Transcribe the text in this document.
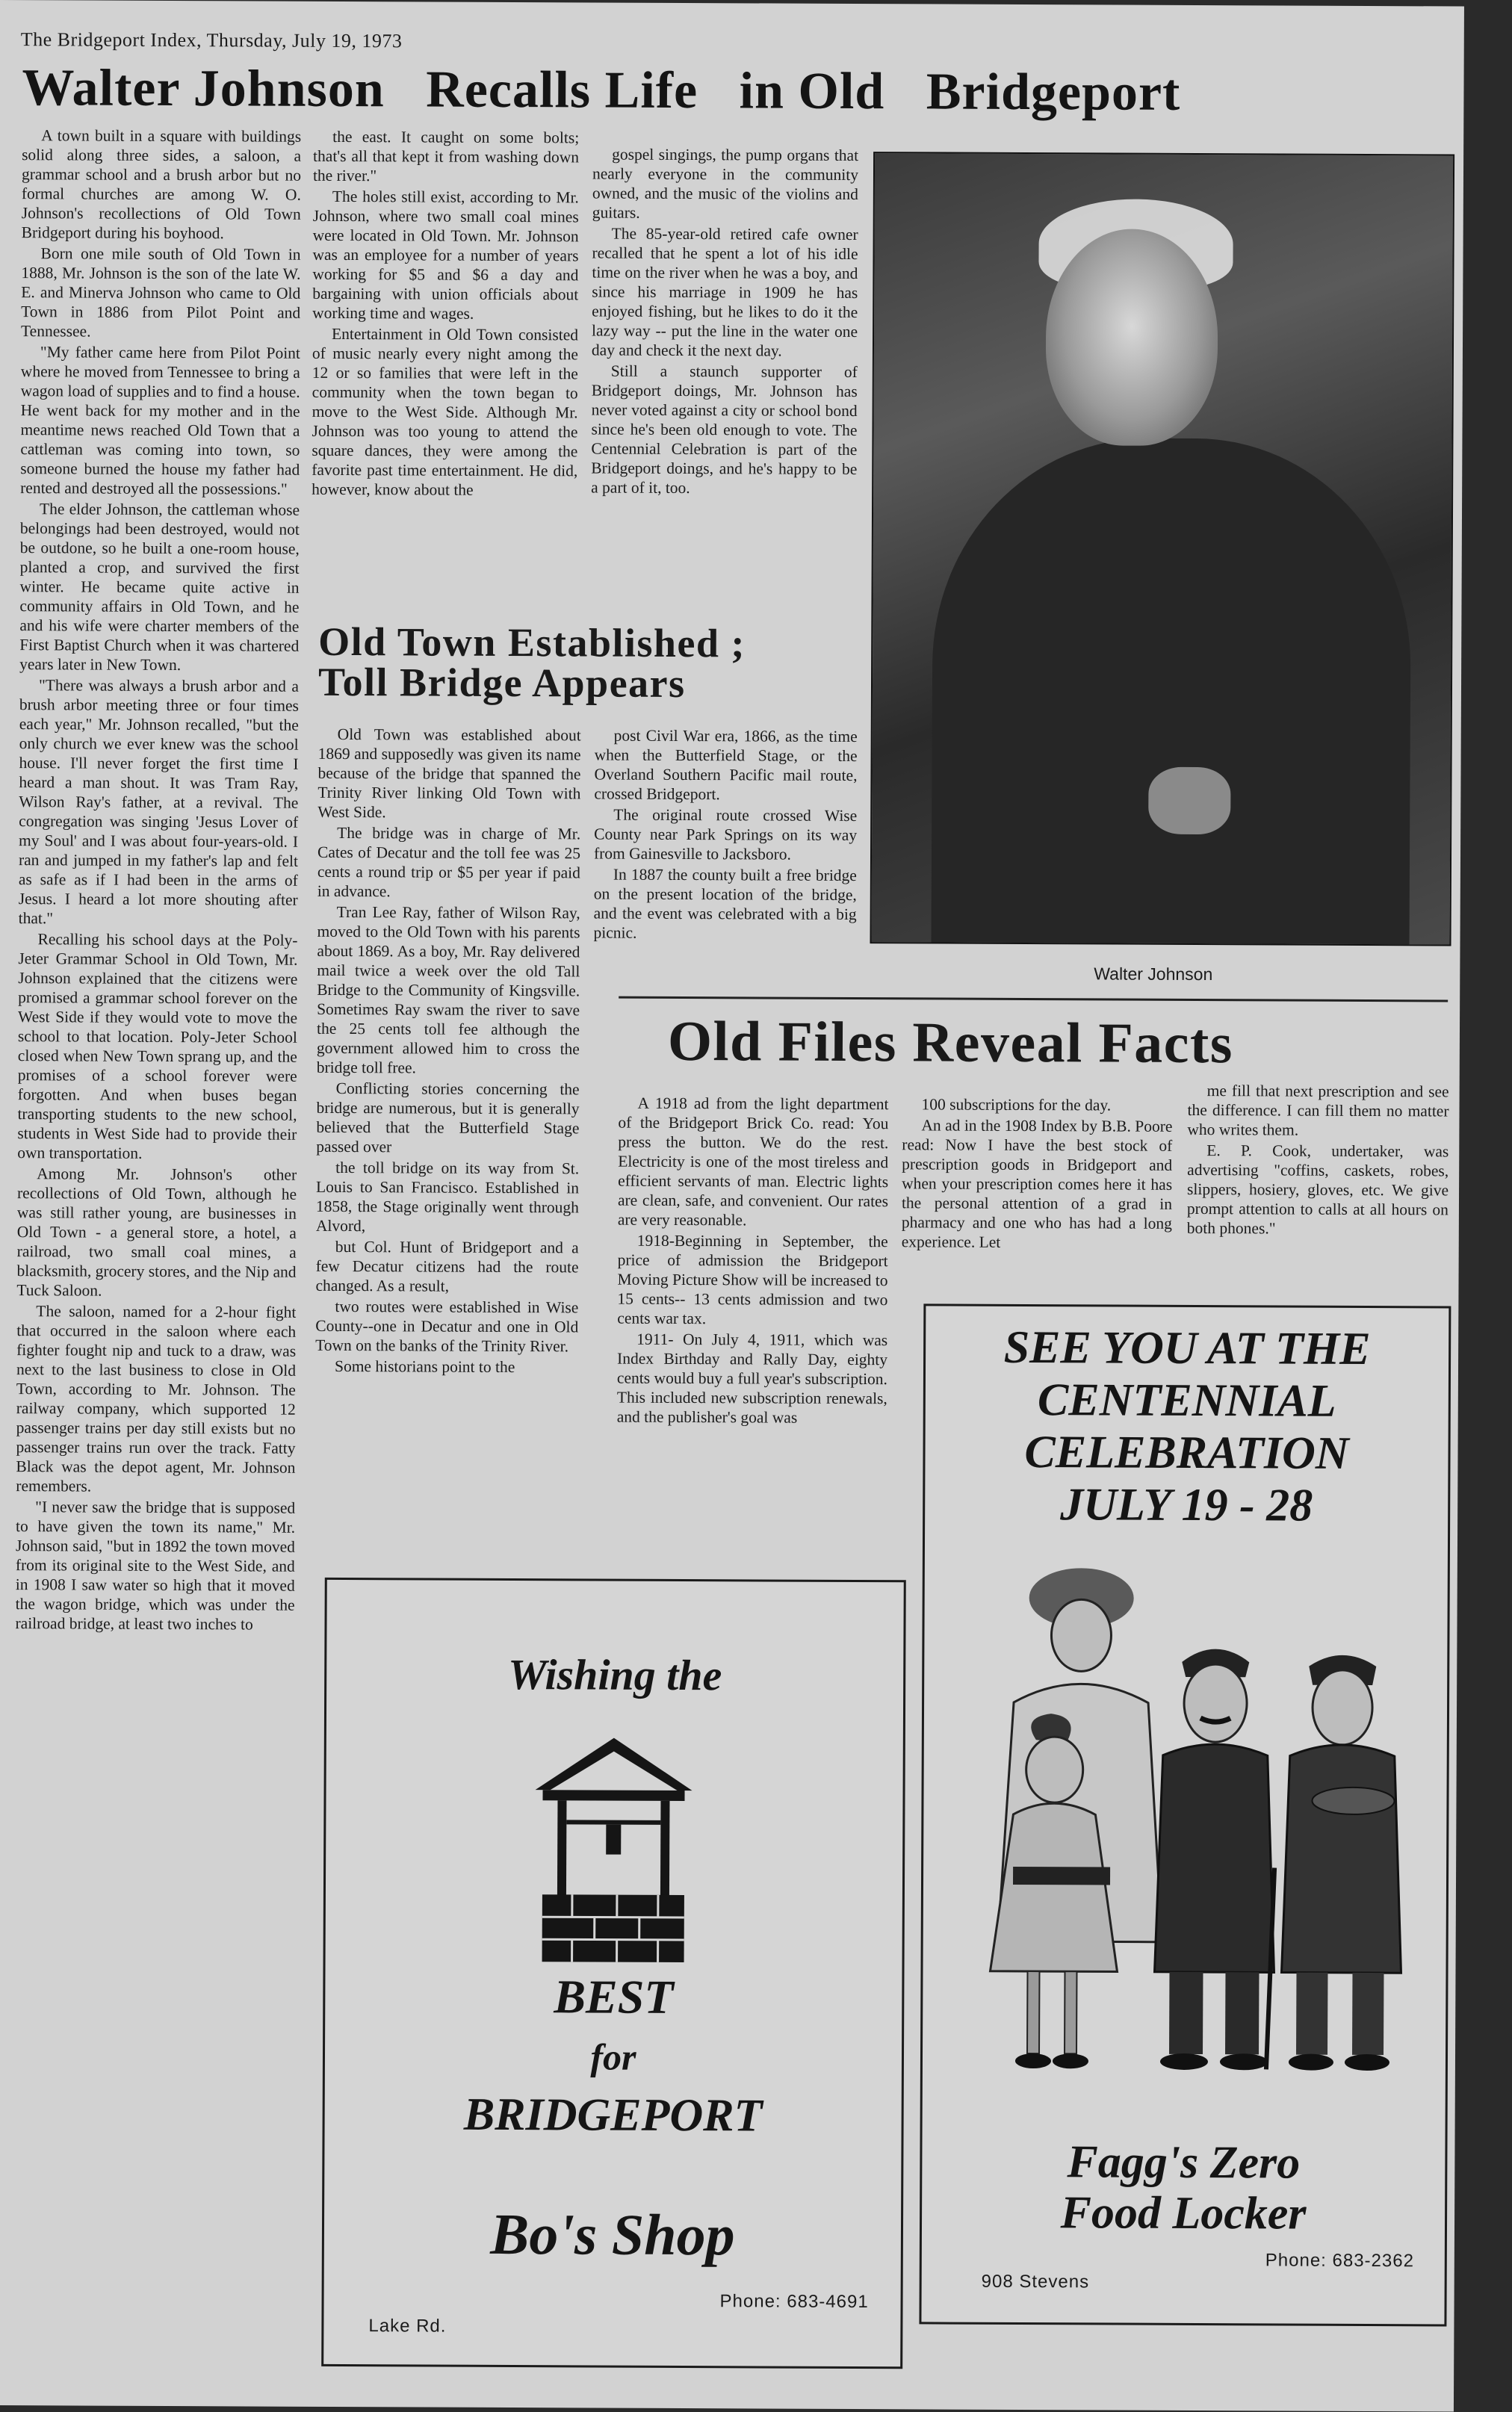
The Bridgeport Index, Thursday, July 19, 1973
Walter Johnson   Recalls Life   in Old   Bridgeport

A town built in a square with buildings solid along three sides, a saloon, a grammar school and a brush arbor but no formal churches are among W. O. Johnson's recollections of Old Town Bridgeport during his boyhood.

Born one mile south of Old Town in 1888, Mr. Johnson is the son of the late W. E. and Minerva Johnson who came to Old Town in 1886 from Pilot Point and Tennessee.

"My father came here from Pilot Point where he moved from Tennessee to bring a wagon load of supplies and to find a house. He went back for my mother and in the meantime news reached Old Town that a cattleman was coming into town, so someone burned the house my father had rented and destroyed all the possessions."

The elder Johnson, the cattleman whose belongings had been destroyed, would not be outdone, so he built a one-room house, planted a crop, and survived the first winter. He became quite active in community affairs in Old Town, and he and his wife were charter members of the First Baptist Church when it was chartered years later in New Town.

"There was always a brush arbor and a brush arbor meeting three or four times each year," Mr. Johnson recalled, "but the only church we ever knew was the school house. I'll never forget the first time I heard a man shout. It was Tram Ray, Wilson Ray's father, at a revival. The congregation was singing 'Jesus Lover of my Soul' and I was about four-years-old. I ran and jumped in my father's lap and felt as safe as if I had been in the arms of Jesus. I heard a lot more shouting after that."

Recalling his school days at the Poly-Jeter Grammar School in Old Town, Mr. Johnson explained that the citizens were promised a grammar school forever on the West Side if they would vote to move the school to that location. Poly-Jeter School closed when New Town sprang up, and the promises of a school forever were forgotten. And when buses began transporting students to the new school, students in West Side had to provide their own transportation.

Among Mr. Johnson's other recollections of Old Town, although he was still rather young, are businesses in Old Town - a general store, a hotel, a railroad, two small coal mines, a blacksmith, grocery stores, and the Nip and Tuck Saloon.

The saloon, named for a 2-hour fight that occurred in the saloon where each fighter fought nip and tuck to a draw, was next to the last business to close in Old Town, according to Mr. Johnson. The railway company, which supported 12 passenger trains per day still exists but no passenger trains run over the track. Fatty Black was the depot agent, Mr. Johnson remembers.

"I never saw the bridge that is supposed to have given the town its name," Mr. Johnson said, "but in 1892 the town moved from its original site to the West Side, and in 1908 I saw water so high that it moved the wagon bridge, which was under the railroad bridge, at least two inches to

the east. It caught on some bolts; that's all that kept it from washing down the river."

The holes still exist, according to Mr. Johnson, where two small coal mines were located in Old Town. Mr. Johnson was an employee for a number of years working for $5 and $6 a day and bargaining with union officials about working time and wages.

Entertainment in Old Town consisted of music nearly every night among the 12 or so families that were left in the community when the town began to move to the West Side. Although Mr. Johnson was too young to attend the square dances, they were among the favorite past time entertainment. He did, however, know about the

gospel singings, the pump organs that nearly everyone in the community owned, and the music of the violins and guitars.

The 85-year-old retired cafe owner recalled that he spent a lot of his idle time on the river when he was a boy, and since his marriage in 1909 he has enjoyed fishing, but he likes to do it the lazy way -- put the line in the water one day and check it the next day.

Still a staunch supporter of Bridgeport doings, Mr. Johnson has never voted against a city or school bond since he's been old enough to vote. The Centennial Celebration is part of the Bridgeport doings, and he's happy to be a part of it, too.

Walter Johnson
Old Town Established ;
Toll Bridge Appears

Old Town was established about 1869 and supposedly was given its name because of the bridge that spanned the Trinity River linking Old Town with West Side.

The bridge was in charge of Mr. Cates of Decatur and the toll fee was 25 cents a round trip or $5 per year if paid in advance.

Tran Lee Ray, father of Wilson Ray, moved to the Old Town with his parents about 1869. As a boy, Mr. Ray delivered mail twice a week over the old Tall Bridge to the Community of Kingsville. Sometimes Ray swam the river to save the 25 cents toll fee although the government allowed him to cross the bridge toll free.

Conflicting stories concerning the bridge are numerous, but it is generally believed that the Butterfield Stage passed over

the toll bridge on its way from St. Louis to San Francisco. Established in 1858, the Stage originally went through Alvord,

but Col. Hunt of Bridgeport and a few Decatur citizens had the route changed. As a result,

two routes were established in Wise County--one in Decatur and one in Old Town on the banks of the Trinity River.

Some historians point to the

post Civil War era, 1866, as the time when the Butterfield Stage, or the Overland Southern Pacific mail route, crossed Bridgeport.

The original route crossed Wise County near Park Springs on its way from Gainesville to Jacksboro.

In 1887 the county built a free bridge on the present location of the bridge, and the event was celebrated with a big picnic.

Old Files Reveal Facts

A 1918 ad from the light department of the Bridgeport Brick Co. read: You press the button. We do the rest. Electricity is one of the most tireless and efficient servants of man. Electric lights are clean, safe, and convenient. Our rates are very reasonable.

1918-Beginning in September, the price of admission the Bridgeport Moving Picture Show will be increased to 15 cents-- 13 cents admission and two cents war tax.

1911- On July 4, 1911, which was Index Birthday and Rally Day, eighty cents would buy a full year's subscription. This included new subscription renewals, and the publisher's goal was

100 subscriptions for the day.

An ad in the 1908 Index by B.B. Poore read: Now I have the best stock of prescription goods in Bridgeport and when your prescription comes here it has the personal attention of a grad in pharmacy and one who has had a long experience. Let

me fill that next prescription and see the difference. I can fill them no matter who writes them.

E. P. Cook, undertaker, was advertising "coffins, caskets, robes, slippers, hosiery, gloves, etc. We give prompt attention to calls at all hours on both phones."

Wishing the
BEST
for
BRIDGEPORT
Bo's Shop
Phone: 683-4691
Lake Rd.
SEE YOU AT THE
CENTENNIAL
CELEBRATION
JULY 19 - 28
Fagg's Zero
Food Locker
Phone: 683-2362
908 Stevens
